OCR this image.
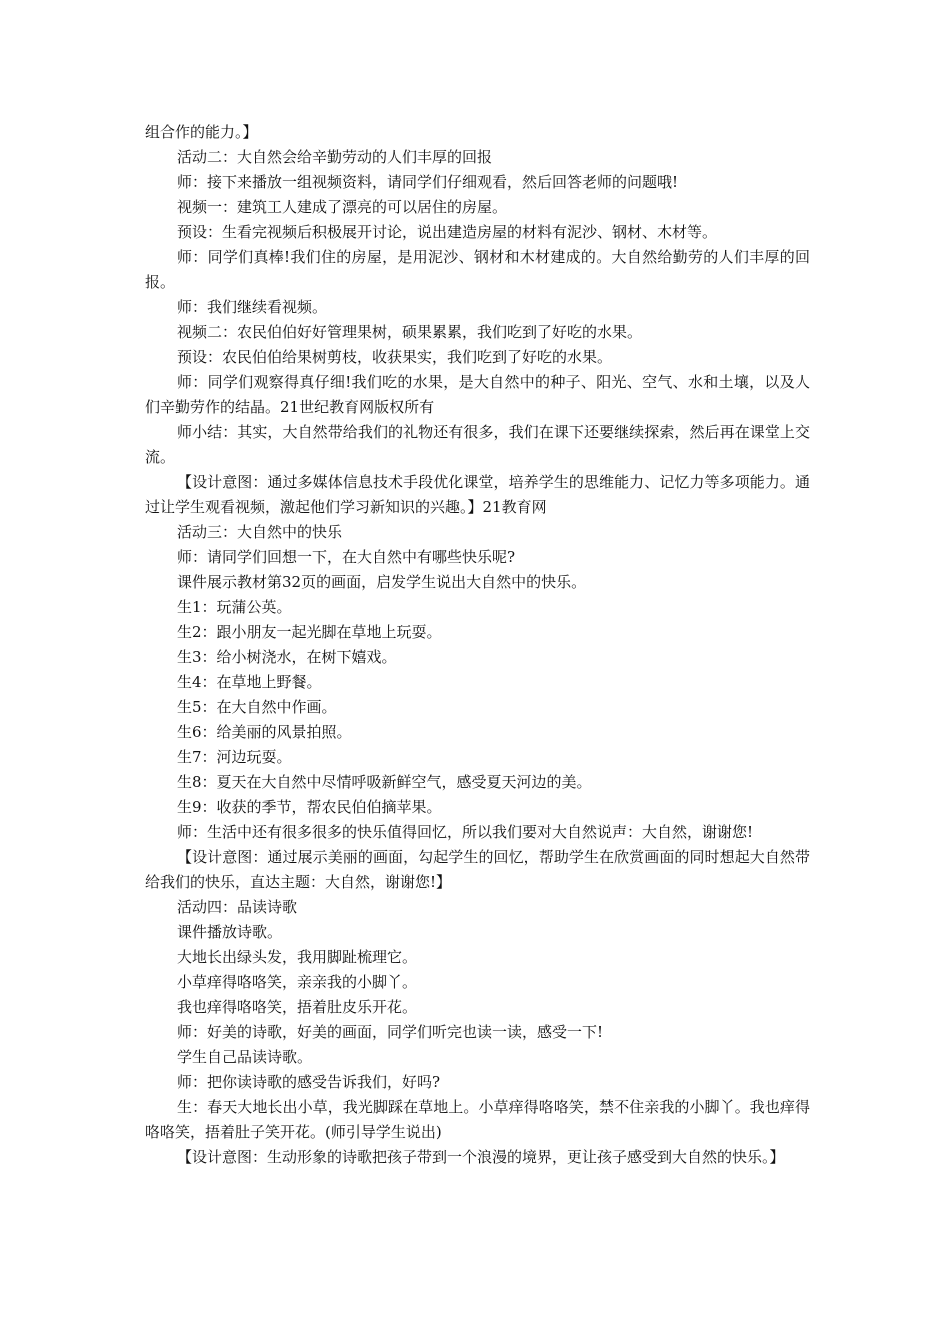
组合作的能力。】

活动二：大自然会给辛勤劳动的人们丰厚的回报

师：接下来播放一组视频资料，请同学们仔细观看，然后回答老师的问题哦!

视频一：建筑工人建成了漂亮的可以居住的房屋。

预设：生看完视频后积极展开讨论，说出建造房屋的材料有泥沙、钢材、木材等。

师：同学们真棒!我们住的房屋，是用泥沙、钢材和木材建成的。大自然给勤劳的人们丰厚的回报。

师：我们继续看视频。

视频二：农民伯伯好好管理果树，硕果累累，我们吃到了好吃的水果。

预设：农民伯伯给果树剪枝，收获果实，我们吃到了好吃的水果。

师：同学们观察得真仔细!我们吃的水果，是大自然中的种子、阳光、空气、水和土壤，以及人们辛勤劳作的结晶。21世纪教育网版权所有

师小结：其实，大自然带给我们的礼物还有很多，我们在课下还要继续探索，然后再在课堂上交流。

【设计意图：通过多媒体信息技术手段优化课堂，培养学生的思维能力、记忆力等多项能力。通过让学生观看视频，激起他们学习新知识的兴趣。】21教育网

活动三：大自然中的快乐

师：请同学们回想一下，在大自然中有哪些快乐呢?

课件展示教材第32页的画面，启发学生说出大自然中的快乐。

生1：玩蒲公英。

生2：跟小朋友一起光脚在草地上玩耍。

生3：给小树浇水，在树下嬉戏。

生4：在草地上野餐。

生5：在大自然中作画。

生6：给美丽的风景拍照。

生7：河边玩耍。

生8：夏天在大自然中尽情呼吸新鲜空气，感受夏天河边的美。

生9：收获的季节，帮农民伯伯摘苹果。

师：生活中还有很多很多的快乐值得回忆，所以我们要对大自然说声：大自然，谢谢您!

【设计意图：通过展示美丽的画面，勾起学生的回忆，帮助学生在欣赏画面的同时想起大自然带给我们的快乐，直达主题：大自然，谢谢您!】

活动四：品读诗歌

课件播放诗歌。

大地长出绿头发，我用脚趾梳理它。

小草痒得咯咯笑，亲亲我的小脚丫。

我也痒得咯咯笑，捂着肚皮乐开花。

师：好美的诗歌，好美的画面，同学们听完也读一读，感受一下!

学生自己品读诗歌。

师：把你读诗歌的感受告诉我们，好吗?

生：春天大地长出小草，我光脚踩在草地上。小草痒得咯咯笑，禁不住亲我的小脚丫。我也痒得咯咯笑，捂着肚子笑开花。(师引导学生说出)

【设计意图：生动形象的诗歌把孩子带到一个浪漫的境界，更让孩子感受到大自然的快乐。】
